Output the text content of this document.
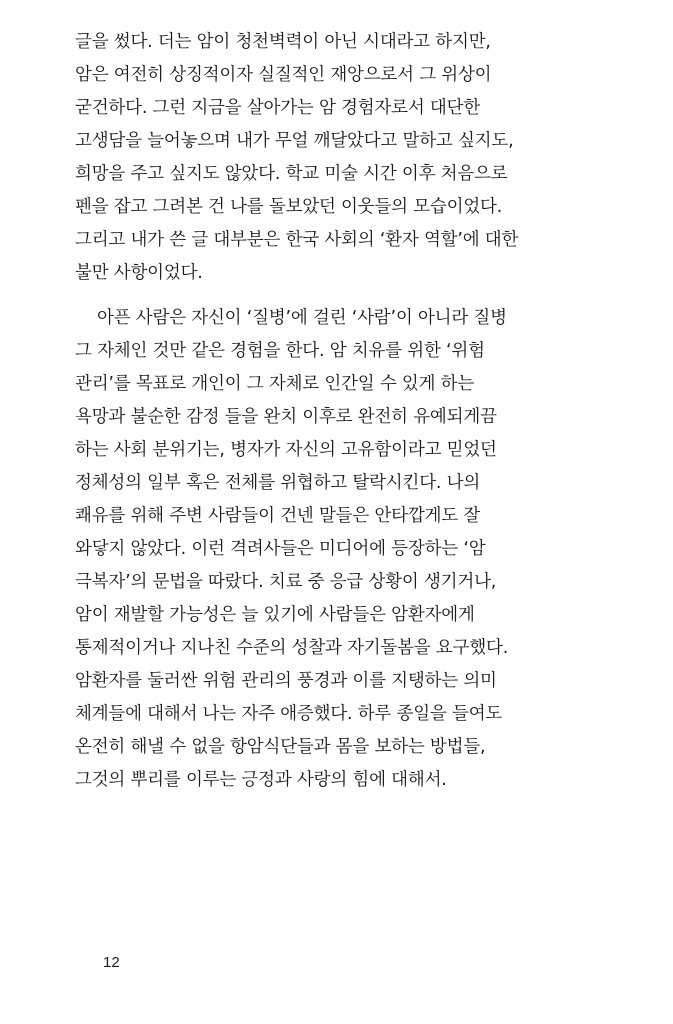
글을 썼다. 더는 암이 청천벽력이 아닌 시대라고 하지만,
암은 여전히 상징적이자 실질적인 재앙으로서 그 위상이
굳건하다. 그런 지금을 살아가는 암 경험자로서 대단한
고생담을 늘어놓으며 내가 무얼 깨달았다고 말하고 싶지도,
희망을 주고 싶지도 않았다. 학교 미술 시간 이후 처음으로
펜을 잡고 그려본 건 나를 돌보았던 이웃들의 모습이었다.
그리고 내가 쓴 글 대부분은 한국 사회의 ‘환자 역할’에 대한
불만 사항이었다.
아픈 사람은 자신이 ‘질병’에 걸린 ‘사람’이 아니라 질병
그 자체인 것만 같은 경험을 한다. 암 치유를 위한 ‘위험
관리’를 목표로 개인이 그 자체로 인간일 수 있게 하는
욕망과 불순한 감정 들을 완치 이후로 완전히 유예되게끔
하는 사회 분위기는, 병자가 자신의 고유함이라고 믿었던
정체성의 일부 혹은 전체를 위협하고 탈락시킨다. 나의
쾌유를 위해 주변 사람들이 건넨 말들은 안타깝게도 잘
와닿지 않았다. 이런 격려사들은 미디어에 등장하는 ‘암
극복자’의 문법을 따랐다. 치료 중 응급 상황이 생기거나,
암이 재발할 가능성은 늘 있기에 사람들은 암환자에게
통제적이거나 지나친 수준의 성찰과 자기돌봄을 요구했다.
암환자를 둘러싼 위험 관리의 풍경과 이를 지탱하는 의미
체계들에 대해서 나는 자주 애증했다. 하루 종일을 들여도
온전히 해낼 수 없을 항암식단들과 몸을 보하는 방법들,
그것의 뿌리를 이루는 긍정과 사랑의 힘에 대해서.
12
